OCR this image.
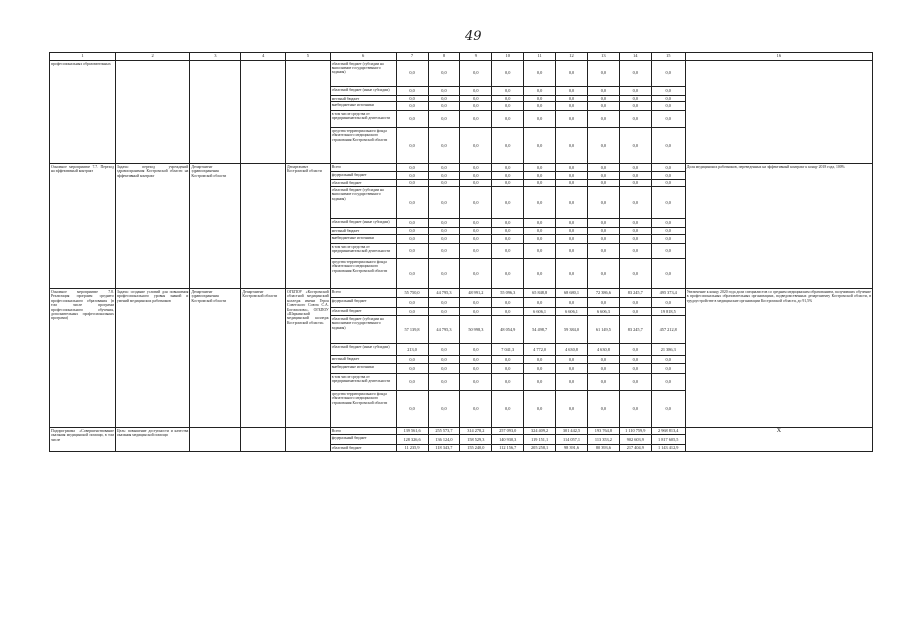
49
1	2	3	4	5	6	7	8	9	10	11	12	13	14	15	16
профессиональных образовательных					областной бюджет (субсидии на выполнение государственного задания)	0,0	0,0	0,0	0,0	0,0	0,0	0,0	0,0	0,0	
					областной бюджет (иные субсидии)	0,0	0,0	0,0	0,0	0,0	0,0	0,0	0,0	0,0	
					местный бюджет	0,0	0,0	0,0	0,0	0,0	0,0	0,0	0,0	0,0	
					внебюджетные источники	0,0	0,0	0,0	0,0	0,0	0,0	0,0	0,0	0,0	
					в том числе средства от предпринимательской деятельности	0,0	0,0	0,0	0,0	0,0	0,0	0,0	0,0	0,0	
					средства территориального фонда обязательного медицинского страхования Костромской области	0,0	0,0	0,0	0,0	0,0	0,0	0,0	0,0	0,0	
Основное мероприятие 7.7. Переход на эффективный контракт	Задача: переход учреждений здравоохранения Костромской области на эффективный контракт	Департамент здравоохранения Костромской области		Департамент Костромской области	Всего	0,0	0,0	0,0	0,0	0,0	0,0	0,0	0,0	0,0	Доля медицинских работников, переведенных на эффективный контракт к концу 2018 года, 100%
					федеральный бюджет	0,0	0,0	0,0	0,0	0,0	0,0	0,0	0,0	0,0	
					областной бюджет	0,0	0,0	0,0	0,0	0,0	0,0	0,0	0,0	0,0	
					областной бюджет (субсидии на выполнение государственного задания)	0,0	0,0	0,0	0,0	0,0	0,0	0,0	0,0	0,0	
					областной бюджет (иные субсидии)	0,0	0,0	0,0	0,0	0,0	0,0	0,0	0,0	0,0	
					местный бюджет	0,0	0,0	0,0	0,0	0,0	0,0	0,0	0,0	0,0	
					внебюджетные источники	0,0	0,0	0,0	0,0	0,0	0,0	0,0	0,0	0,0	
					в том числе средства от предпринимательской деятельности	0,0	0,0	0,0	0,0	0,0	0,0	0,0	0,0	0,0	
					средства территориального фонда обязательного медицинского страхования Костромской области	0,0	0,0	0,0	0,0	0,0	0,0	0,0	0,0	0,0	
Основное мероприятие 7.8. Реализация программ среднего профессионального образования (в том числе программ профессионального обучения, дополнительных профессиональных программ)	Задача: создание условий для повышения профессионального уровня знаний и умений медицинских работников	Департамент здравоохранения Костромской области	Департамент Костромской области	ОГБПОУ «Костромской областной медицинский колледж имени Героя Советского Союза С.А. Богомолова», ОГБПОУ «Шарьинский медицинский колледж Костромской области»	Всего	55 750,0	44 795,3	48 991,2	55 096,3	65 848,8	68 680,1	72 386,6	83 245,7	495 373,4	Увеличение к концу 2020 года доли специалистов со средним медицинским образованием, получивших обучение в профессиональных образовательных организациях, подведомственных департаменту Костромской области, в трудоустройстве в медицинские организации Костромской области, до 91,5%
					федеральный бюджет	0,0	0,0	0,0	0,0	0,0	0,0	0,0	0,0	0,0	
					областной бюджет	0,0	0,0	0,0	0,0	6 606,1	6 606,1	6 606,3	0,0	19 818,5	
					областной бюджет (субсидии на выполнение государственного задания)	57 139,8	44 795,3	50 998,3	48 054,9	54 498,7	59 384,0	61 149,5	83 245,7	457 212,8	
					областной бюджет (иные субсидии)	213,0	0,0	0,0	7 041,3	4 772,0	4 630,8	4 630,8	0,0	21 386,3	
					местный бюджет	0,0	0,0	0,0	0,0	0,0	0,0	0,0	0,0	0,0	
					внебюджетные источники	0,0	0,0	0,0	0,0	0,0	0,0	0,0	0,0	0,0	
					в том числе средства от предпринимательской деятельности	0,0	0,0	0,0	0,0	0,0	0,0	0,0	0,0	0,0	
					средства территориального фонда обязательного медицинского страхования Костромской области	0,0	0,0	0,0	0,0	0,0	0,0	0,0	0,0	0,0	
Подпрограмма «Совершенствование оказания медицинской помощи, в том числе	Цель: повышение доступности и качества оказания медицинской помощи				Всего	139 561,6	255 573,7	314 278,2	257 093,0	324 409,2	301 442,5	193 764,8	1 110 759,9	2 968 813,4	Х
					федеральный бюджет	128 326,6	136 124,0	158 529,3	140 930,3	119 151,1	114 057,1	113 353,2	902 603,9	1 817 605,5	
					областной бюджет	11 235,9	118 343,7	155 240,0	112 156,7	205 258,1	98 391,6	80 393,6	217 404,9	1 143 412,9	
